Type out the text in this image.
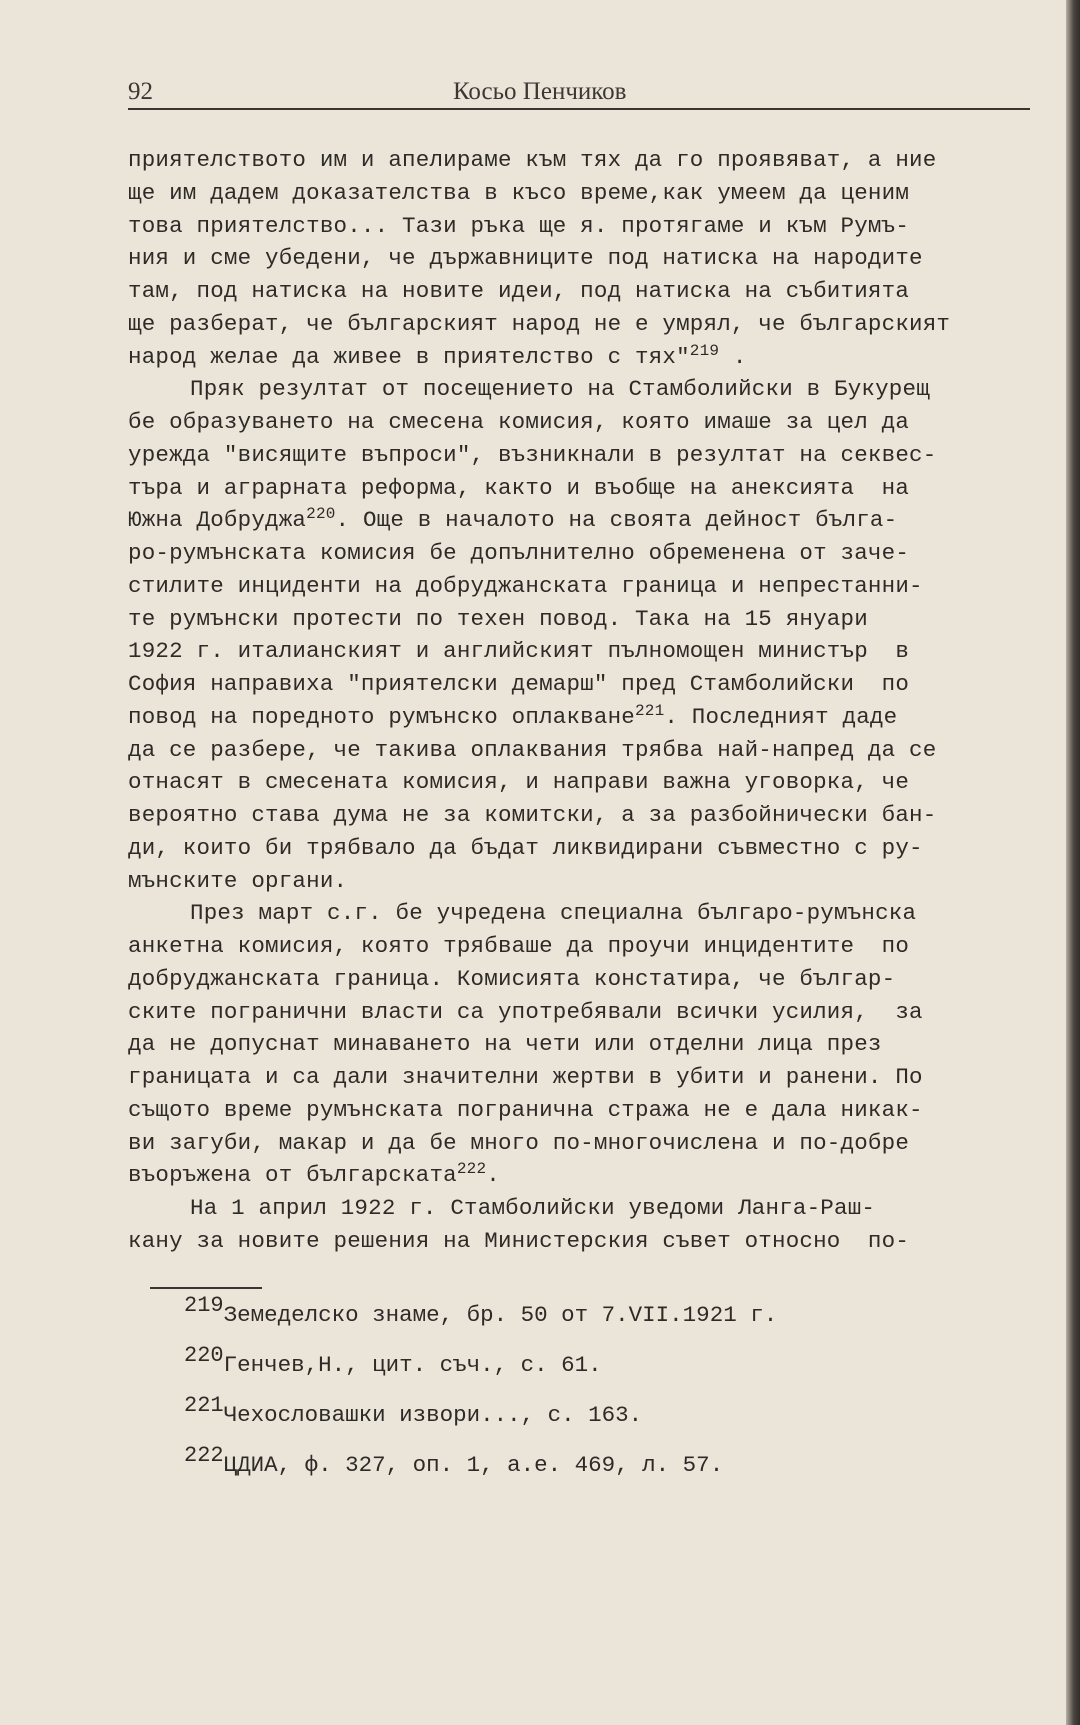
92	Косьо Пенчиков
приятелството им и апелираме към тях да го проявяват, а ние
ще им дадем доказателства в късо време,как умеем да ценим
това приятелство... Тази ръка ще я. протягаме и към Румъ-
ния и сме убедени, че държавниците под натиска на народите
там, под натиска на новите идеи, под натиска на събитията
ще разберат, че българският народ не е умрял, че българският
народ желае да живее в приятелство с тях"$^{219}$ .
Пряк резултат от посещението на Стамболийски в Букурещ
бе образуването на смесена комисия, която имаше за цел да
урежда "висящите въпроси", възникнали в резултат на секвес-
търа и аграрната реформа, както и въобще на анексията  на
Южна Добруджа$^{220}$. Още в началото на своята дейност бълга-
ро-румънската комисия бе допълнително обременена от заче-
стилите инциденти на добруджанската граница и непрестанни-
те румънски протести по техен повод. Така на 15 януари
1922 г. италианският и английският пълномощен министър  в
София направиха "приятелски демарш" пред Стамболийски  по
повод на поредното румънско оплакване$^{221}$. Последният даде
да се разбере, че такива оплаквания трябва най-напред да се
отнасят в смесената комисия, и направи важна уговорка, че
вероятно става дума не за комитски, а за разбойнически бан-
ди, които би трябвало да бъдат ликвидирани съвместно с ру-
мънските органи.
През март с.г. бе учредена специална българо-румънска
анкетна комисия, която трябваше да проучи инцидентите  по
добруджанската граница. Комисията констатира, че българ-
ските погранични власти са употребявали всички усилия,  за
да не допуснат минаването на чети или отделни лица през
границата и са дали значителни жертви в убити и ранени. По
същото време румънската погранична стража не е дала никак-
ви загуби, макар и да бе много по-многочислена и по-добре
въоръжена от българската$^{222}$.
На 1 април 1922 г. Стамболийски уведоми Ланга-Раш-
кану за новите решения на Министерския съвет относно  по-
219Земеделско знаме, бр. 50 от 7.VII.1921 г.
220Генчев,Н., цит. съч., с. 61.
221Чехословашки извори..., с. 163.
222ЦДИА, ф. 327, оп. 1, а.е. 469, л. 57.
